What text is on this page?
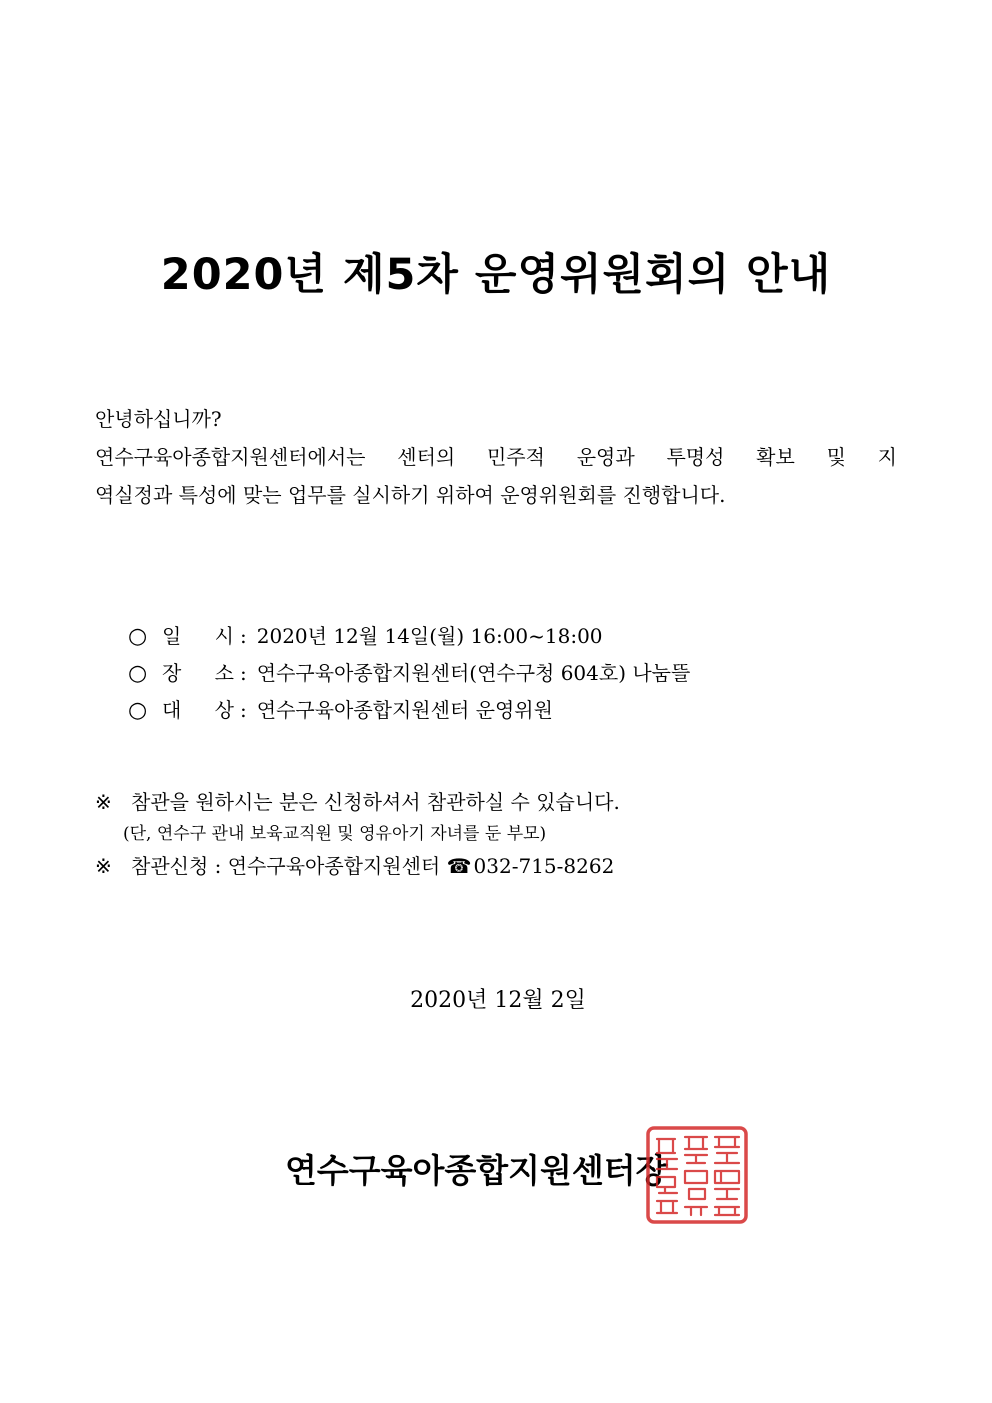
2020년 제5차 운영위원회의 안내
안녕하십니까?
연수구육아종합지원센터에서는 센터의 민주적 운영과 투명성 확보 및 지
역실정과 특성에 맞는 업무를 실시하기 위하여 운영위원회를 진행합니다.
○ 일 시 : 2020년 12월 14일(월) 16:00~18:00
○ 장 소 : 연수구육아종합지원센터(연수구청 604호) 나눔뜰
○ 대 상 : 연수구육아종합지원센터 운영위원
※ 참관을 원하시는 분은 신청하셔서 참관하실 수 있습니다.
(단, 연수구 관내 보육교직원 및 영유아기 자녀를 둔 부모)
※ 참관신청 : 연수구육아종합지원센터 ☎ 032-715-8262
2020년 12월 2일
연수구육아종합지원센터장
